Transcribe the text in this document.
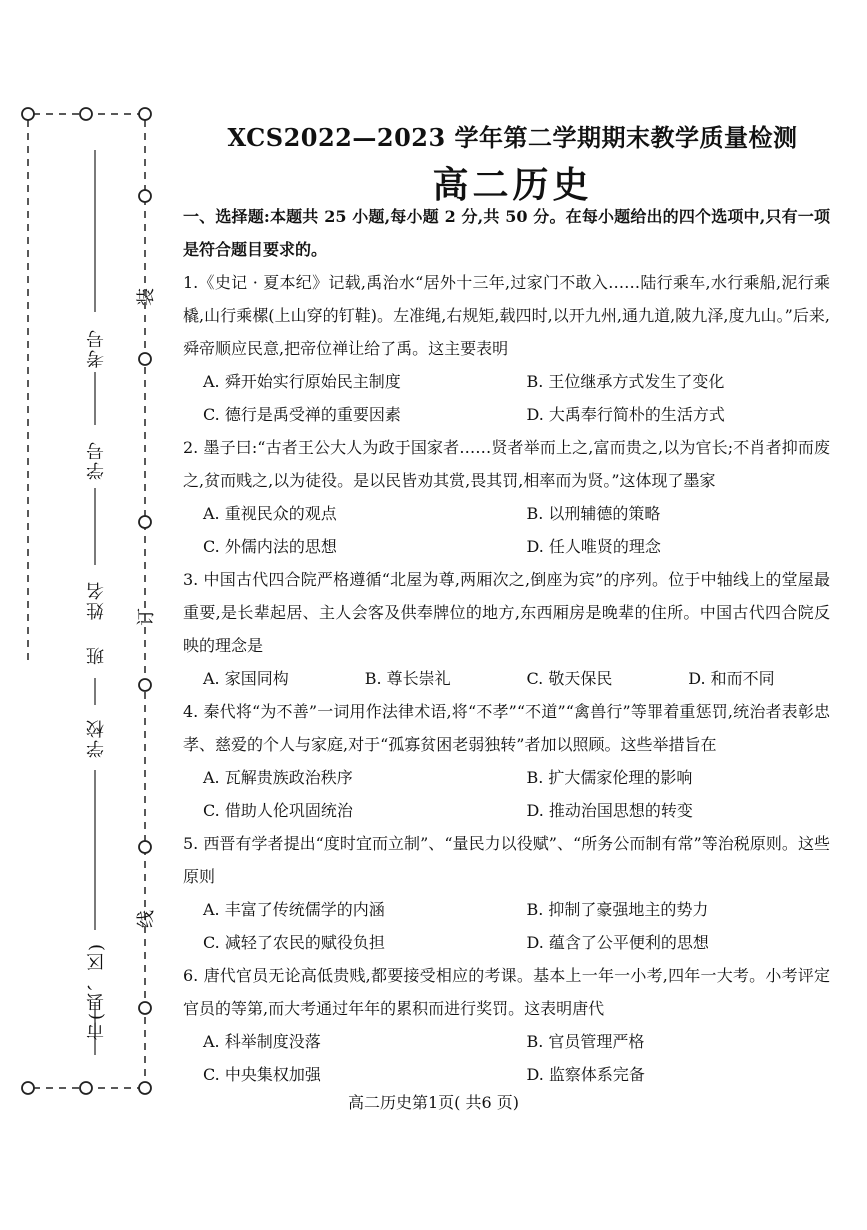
考号
学号
姓名
班
学校
市(县、区)
装
订
线
XCS2022—2023 学年第二学期期末教学质量检测
高二历史
一、选择题:本题共 25 小题,每小题 2 分,共 50 分。在每小题给出的四个选项中,只有一项是符合题目要求的。
1.《史记 · 夏本纪》记载,禹治水“居外十三年,过家门不敢入……陆行乘车,水行乘船,泥行乘橇,山行乘樏(上山穿的钉鞋)。左准绳,右规矩,载四时,以开九州,通九道,陂九泽,度九山。”后来,舜帝顺应民意,把帝位禅让给了禹。这主要表明
A. 舜开始实行原始民主制度	B. 王位继承方式发生了变化
C. 德行是禹受禅的重要因素	D. 大禹奉行简朴的生活方式
2. 墨子曰:“古者王公大人为政于国家者……贤者举而上之,富而贵之,以为官长;不肖者抑而废之,贫而贱之,以为徒役。是以民皆劝其赏,畏其罚,相率而为贤。”这体现了墨家
A. 重视民众的观点	B. 以刑辅德的策略
C. 外儒内法的思想	D. 任人唯贤的理念
3. 中国古代四合院严格遵循“北屋为尊,两厢次之,倒座为宾”的序列。位于中轴线上的堂屋最重要,是长辈起居、主人会客及供奉牌位的地方,东西厢房是晚辈的住所。中国古代四合院反映的理念是
A. 家国同构	B. 尊长崇礼	C. 敬天保民	D. 和而不同
4. 秦代将“为不善”一词用作法律术语,将“不孝”“不道”“禽兽行”等罪着重惩罚,统治者表彰忠孝、慈爱的个人与家庭,对于“孤寡贫困老弱独转”者加以照顾。这些举措旨在
A. 瓦解贵族政治秩序	B. 扩大儒家伦理的影响
C. 借助人伦巩固统治	D. 推动治国思想的转变
5. 西晋有学者提出“度时宜而立制”、“量民力以役赋”、“所务公而制有常”等治税原则。这些原则
A. 丰富了传统儒学的内涵	B. 抑制了豪强地主的势力
C. 减轻了农民的赋役负担	D. 蕴含了公平便利的思想
6. 唐代官员无论高低贵贱,都要接受相应的考课。基本上一年一小考,四年一大考。小考评定官员的等第,而大考通过年年的累积而进行奖罚。这表明唐代
A. 科举制度没落	B. 官员管理严格
C. 中央集权加强	D. 监察体系完备
高二历史第1页( 共6 页)
